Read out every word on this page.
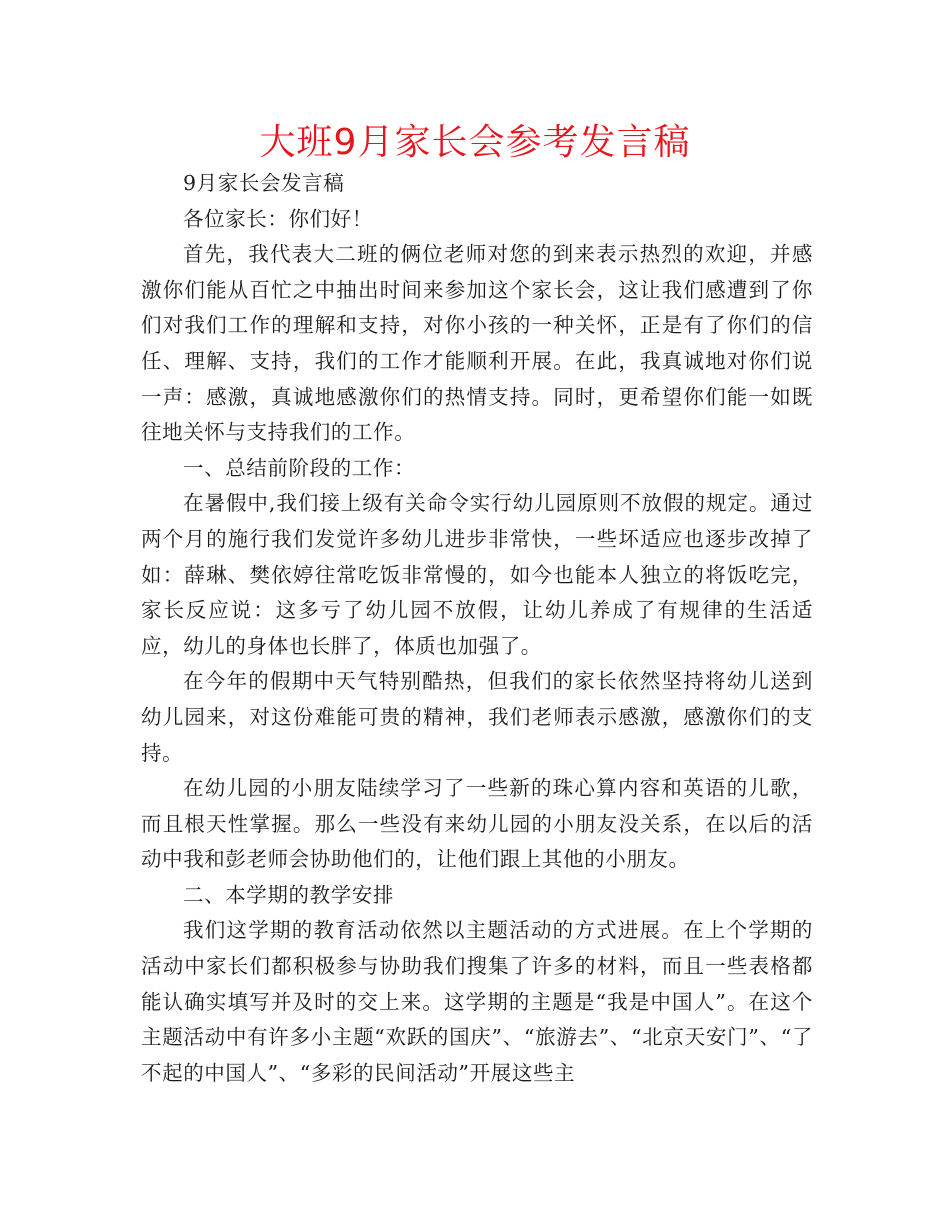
大班9月家长会参考发言稿

9月家长会发言稿

各位家长：你们好！

首先，我代表大二班的俩位老师对您的到来表示热烈的欢迎，并感激你们能从百忙之中抽出时间来参加这个家长会，这让我们感遭到了你们对我们工作的理解和支持，对你小孩的一种关怀，正是有了你们的信任、理解、支持，我们的工作才能顺利开展。在此，我真诚地对你们说一声：感激，真诚地感激你们的热情支持。同时，更希望你们能一如既往地关怀与支持我们的工作。

一、总结前阶段的工作：

在暑假中,我们接上级有关命令实行幼儿园原则不放假的规定。通过两个月的施行我们发觉许多幼儿进步非常快，一些坏适应也逐步改掉了如：薛琳、樊依婷往常吃饭非常慢的，如今也能本人独立的将饭吃完，家长反应说：这多亏了幼儿园不放假，让幼儿养成了有规律的生活适应，幼儿的身体也长胖了，体质也加强了。

在今年的假期中天气特别酷热，但我们的家长依然坚持将幼儿送到幼儿园来，对这份难能可贵的精神，我们老师表示感激，感激你们的支持。

在幼儿园的小朋友陆续学习了一些新的珠心算内容和英语的儿歌，而且根天性掌握。那么一些没有来幼儿园的小朋友没关系，在以后的活动中我和彭老师会协助他们的，让他们跟上其他的小朋友。

二、本学期的教学安排

我们这学期的教育活动依然以主题活动的方式进展。在上个学期的活动中家长们都积极参与协助我们搜集了许多的材料，而且一些表格都能认确实填写并及时的交上来。这学期的主题是“我是中国人”。在这个主题活动中有许多小主题“欢跃的国庆”、“旅游去”、“北京天安门”、“了不起的中国人”、“多彩的民间活动”开展这些主
